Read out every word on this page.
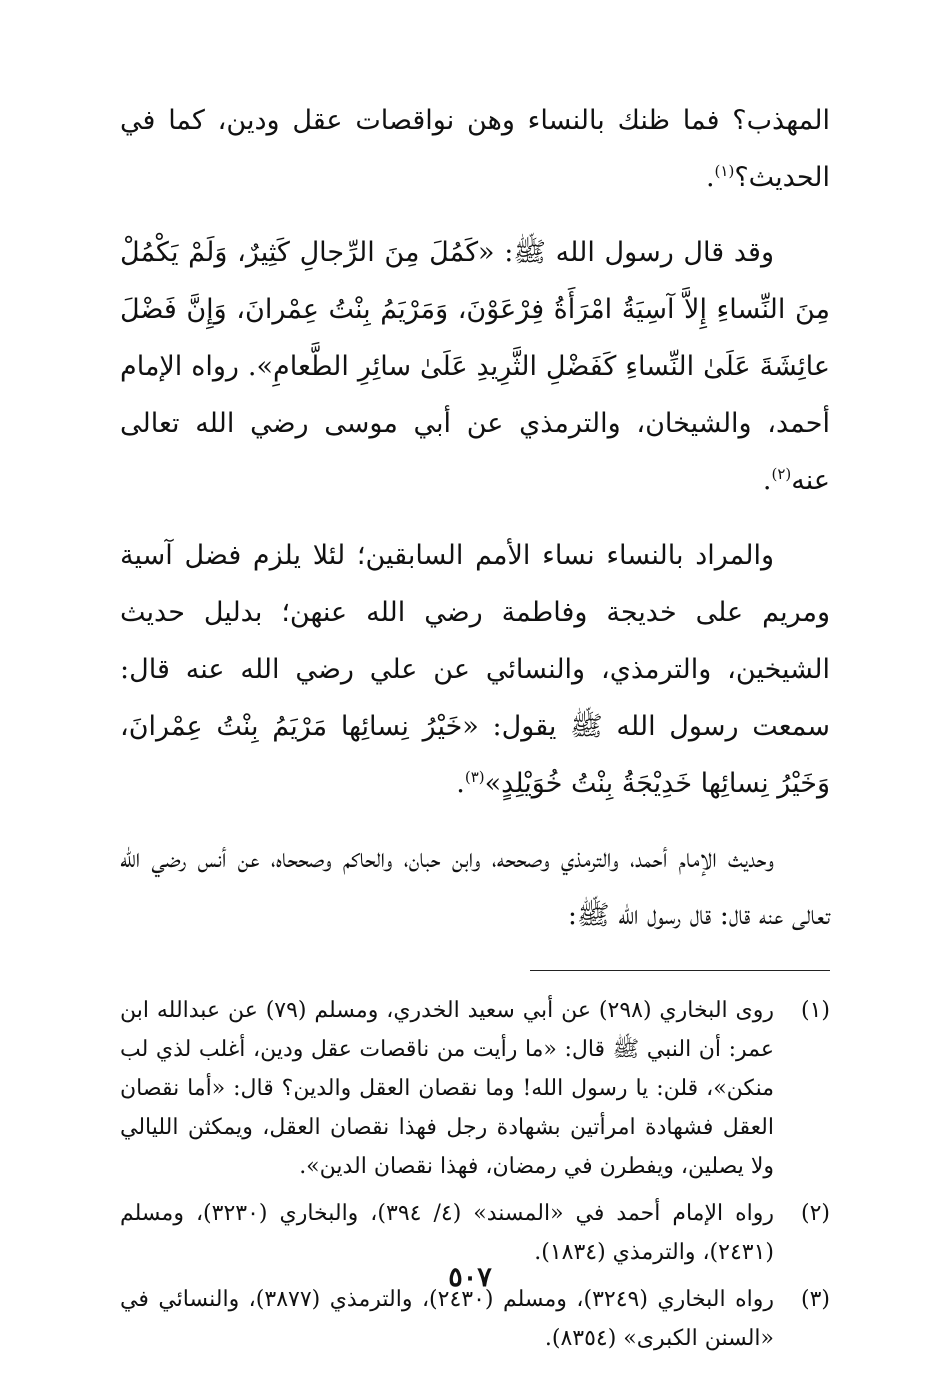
المهذب؟ فما ظنك بالنساء وهن نواقصات عقل ودين، كما في الحديث؟$^{(١)}$.

وقد قال رسول الله ﷺ: «كَمُلَ مِنَ الرِّجالِ كَثِيرٌ، وَلَمْ يَكْمُلْ مِنَ النِّساءِ إِلاَّ آسِيَةُ امْرَأَةُ فِرْعَوْنَ، وَمَرْيَمُ بِنْتُ عِمْرانَ، وَإِنَّ فَضْلَ عائِشَةَ عَلَىٰ النِّساءِ كَفَضْلِ الثَّرِيدِ عَلَىٰ سائِرِ الطَّعامِ». رواه الإمام أحمد، والشيخان، والترمذي عن أبي موسى رضي الله تعالى عنه$^{(٢)}$.

والمراد بالنساء نساء الأمم السابقين؛ لئلا يلزم فضل آسية ومريم على خديجة وفاطمة رضي الله عنهن؛ بدليل حديث الشيخين، والترمذي، والنسائي عن علي رضي الله عنه قال: سمعت رسول الله ﷺ يقول: «خَيْرُ نِسائِها مَرْيَمُ بِنْتُ عِمْرانَ، وَخَيْرُ نِسائِها خَدِيْجَةُ بِنْتُ خُوَيْلِدٍ»$^{(٣)}$.

وحديث الإمام أحمد، والترمذي وصححه، وابن حبان، والحاكم وصححاه، عن أنس رضي الله تعالى عنه قال: قال رسول الله ﷺ:

(١)
روى البخاري (٢٩٨) عن أبي سعيد الخدري، ومسلم (٧٩) عن عبدالله ابن عمر: أن النبي ﷺ قال: «ما رأيت من ناقصات عقل ودين، أغلب لذي لب منكن»، قلن: يا رسول الله! وما نقصان العقل والدين؟ قال: «أما نقصان العقل فشهادة امرأتين بشهادة رجل فهذا نقصان العقل، ويمكثن الليالي ولا يصلين، ويفطرن في رمضان، فهذا نقصان الدين».
(٢)
رواه الإمام أحمد في «المسند» (٤/ ٣٩٤)، والبخاري (٣٢٣٠)، ومسلم (٢٤٣١)، والترمذي (١٨٣٤).
(٣)
رواه البخاري (٣٢٤٩)، ومسلم (٢٤٣٠)، والترمذي (٣٨٧٧)، والنسائي في «السنن الكبرى» (٨٣٥٤).
٥٠٧
